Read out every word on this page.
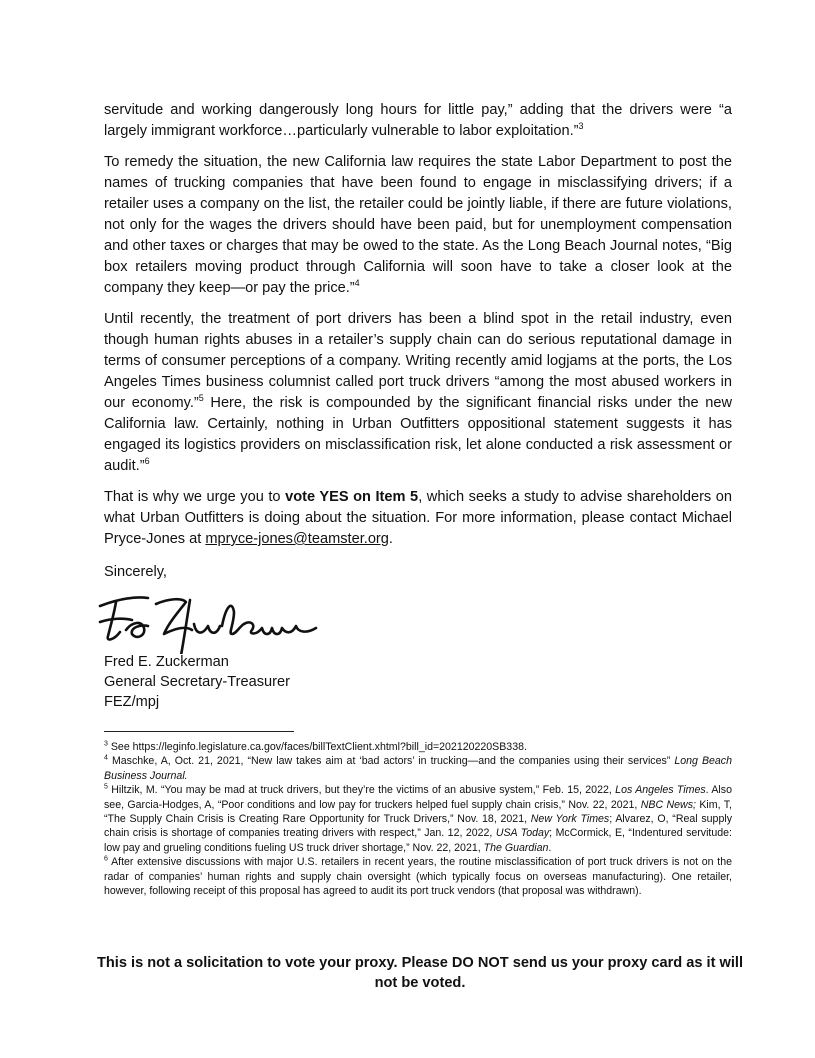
servitude and working dangerously long hours for little pay,” adding that the drivers were “a largely immigrant workforce…particularly vulnerable to labor exploitation.”$^3$

To remedy the situation, the new California law requires the state Labor Department to post the names of trucking companies that have been found to engage in misclassifying drivers; if a retailer uses a company on the list, the retailer could be jointly liable, if there are future violations, not only for the wages the drivers should have been paid, but for unemployment compensation and other taxes or charges that may be owed to the state. As the Long Beach Journal notes, “Big box retailers moving product through California will soon have to take a closer look at the company they keep—or pay the price.”$^4$

Until recently, the treatment of port drivers has been a blind spot in the retail industry, even though human rights abuses in a retailer’s supply chain can do serious reputational damage in terms of consumer perceptions of a company. Writing recently amid logjams at the ports, the Los Angeles Times business columnist called port truck drivers “among the most abused workers in our economy.”$^5$ Here, the risk is compounded by the significant financial risks under the new California law. Certainly, nothing in Urban Outfitters oppositional statement suggests it has engaged its logistics providers on misclassification risk, let alone conducted a risk assessment or audit.”$^6$

That is why we urge you to vote YES on Item 5, which seeks a study to advise shareholders on what Urban Outfitters is doing about the situation. For more information, please contact Michael Pryce-Jones at mpryce-jones@teamster.org.

Sincerely,
Fred E. Zuckerman
General Secretary-Treasurer
FEZ/mpj

$^3$ See https://leginfo.legislature.ca.gov/faces/billTextClient.xhtml?bill_id=202120220SB338.

$^4$ Maschke, A, Oct. 21, 2021, “New law takes aim at ‘bad actors’ in trucking—and the companies using their services” Long Beach Business Journal.

$^5$ Hiltzik, M. “You may be mad at truck drivers, but they’re the victims of an abusive system,” Feb. 15, 2022, Los Angeles Times. Also see, Garcia-Hodges, A, “Poor conditions and low pay for truckers helped fuel supply chain crisis,” Nov. 22, 2021, NBC News; Kim, T, “The Supply Chain Crisis is Creating Rare Opportunity for Truck Drivers,” Nov. 18, 2021, New York Times; Alvarez, O, “Real supply chain crisis is shortage of companies treating drivers with respect,” Jan. 12, 2022, USA Today; McCormick, E, “Indentured servitude: low pay and grueling conditions fueling US truck driver shortage,” Nov. 22, 2021, The Guardian.

$^6$ After extensive discussions with major U.S. retailers in recent years, the routine misclassification of port truck drivers is not on the radar of companies’ human rights and supply chain oversight (which typically focus on overseas manufacturing). One retailer, however, following receipt of this proposal has agreed to audit its port truck vendors (that proposal was withdrawn).

This is not a solicitation to vote your proxy. Please DO NOT send us your proxy card as it will
not be voted.
